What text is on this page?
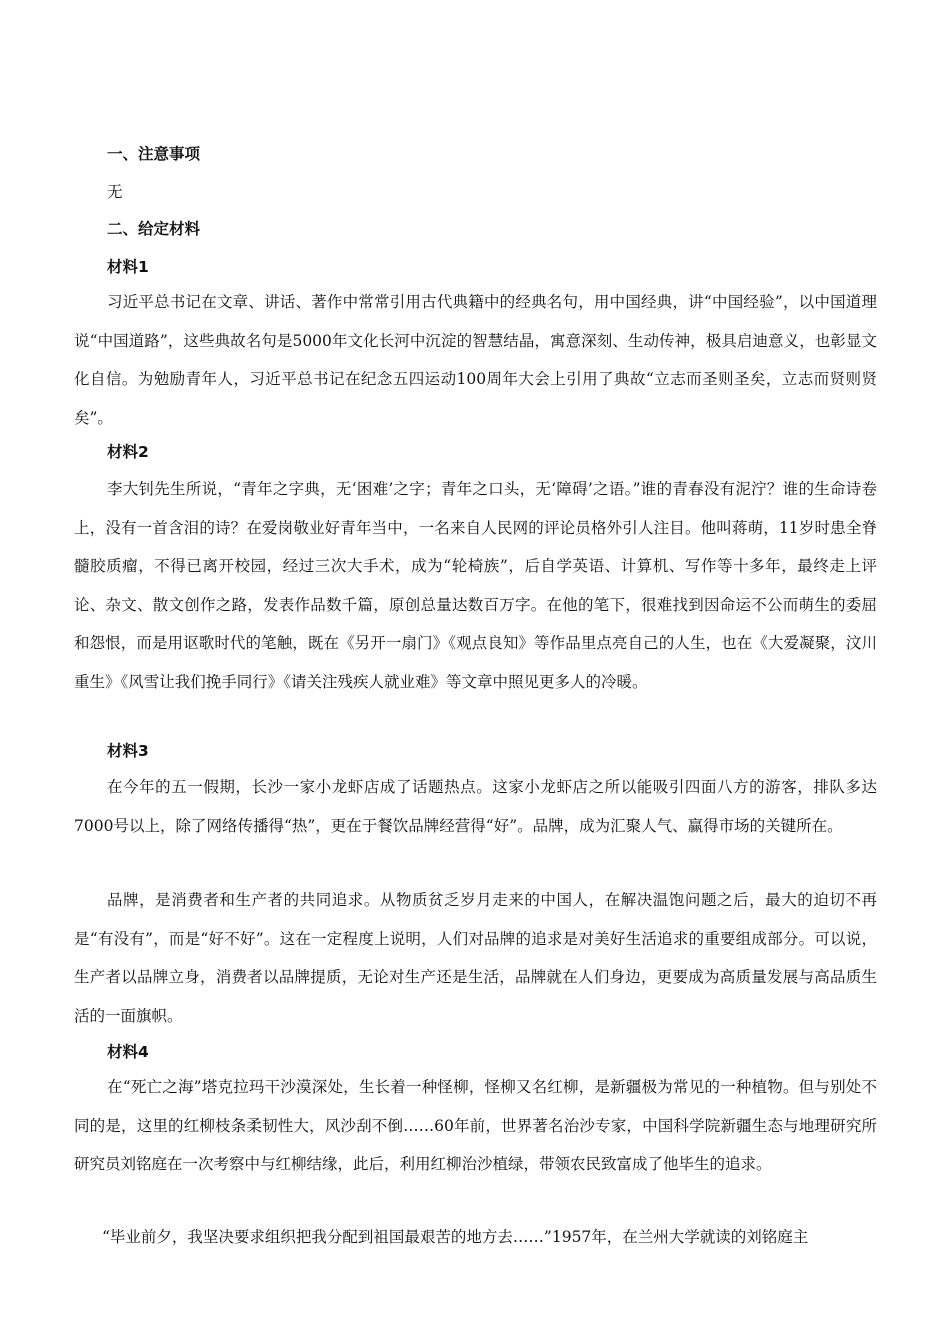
一、注意事项
无
二、给定材料
材料1
习近平总书记在文章、讲话、著作中常常引用古代典籍中的经典名句，用中国经典，讲“中国经验”，以中国道理说“中国道路”，这些典故名句是5000年文化长河中沉淀的智慧结晶，寓意深刻、生动传神，极具启迪意义，也彰显文化自信。为勉励青年人，习近平总书记在纪念五四运动100周年大会上引用了典故“立志而圣则圣矣，立志而贤则贤矣”。
材料2
李大钊先生所说，“青年之字典，无‘困难’之字；青年之口头，无‘障碍’之语。”谁的青春没有泥泞？谁的生命诗卷上，没有一首含泪的诗？在爱岗敬业好青年当中，一名来自人民网的评论员格外引人注目。他叫蒋萌，11岁时患全脊髓胶质瘤，不得已离开校园，经过三次大手术，成为“轮椅族”，后自学英语、计算机、写作等十多年，最终走上评论、杂文、散文创作之路，发表作品数千篇，原创总量达数百万字。在他的笔下，很难找到因命运不公而萌生的委屈和怨恨，而是用讴歌时代的笔触，既在《另开一扇门》《观点良知》等作品里点亮自己的人生，也在《大爱凝聚，汶川重生》《风雪让我们挽手同行》《请关注残疾人就业难》等文章中照见更多人的冷暖。
材料3
在今年的五一假期，长沙一家小龙虾店成了话题热点。这家小龙虾店之所以能吸引四面八方的游客，排队多达7000号以上，除了网络传播得“热”，更在于餐饮品牌经营得“好”。品牌，成为汇聚人气、赢得市场的关键所在。
品牌，是消费者和生产者的共同追求。从物质贫乏岁月走来的中国人，在解决温饱问题之后，最大的迫切不再是“有没有”，而是“好不好”。这在一定程度上说明，人们对品牌的追求是对美好生活追求的重要组成部分。可以说，生产者以品牌立身，消费者以品牌提质，无论对生产还是生活，品牌就在人们身边，更要成为高质量发展与高品质生活的一面旗帜。
材料4
在“死亡之海”塔克拉玛干沙漠深处，生长着一种怪柳，怪柳又名红柳，是新疆极为常见的一种植物。但与别处不同的是，这里的红柳枝条柔韧性大，风沙刮不倒……60年前，世界著名治沙专家，中国科学院新疆生态与地理研究所研究员刘铭庭在一次考察中与红柳结缘，此后，利用红柳治沙植绿，带领农民致富成了他毕生的追求。
“毕业前夕，我坚决要求组织把我分配到祖国最艰苦的地方去……”1957年，在兰州大学就读的刘铭庭主
